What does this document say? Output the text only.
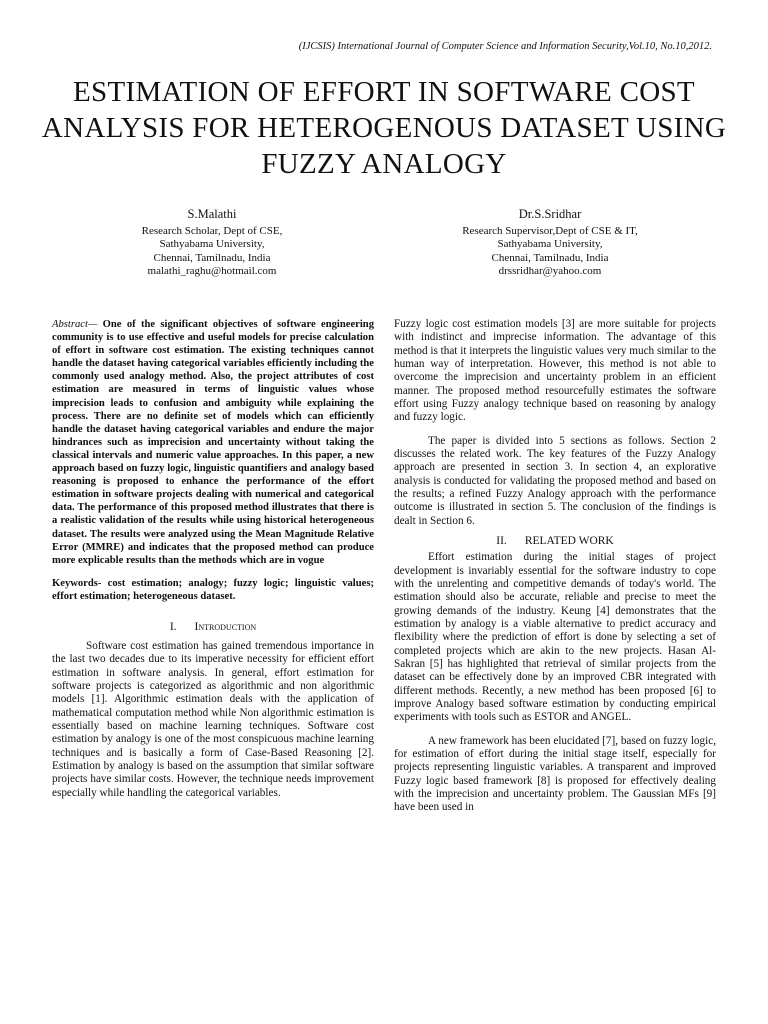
(IJCSIS) International Journal of Computer Science and Information Security,Vol.10, No.10,2012.
ESTIMATION OF EFFORT IN SOFTWARE COST ANALYSIS FOR HETEROGENOUS DATASET USING FUZZY ANALOGY
S.Malathi
Research Scholar, Dept of CSE,
Sathyabama University,
Chennai, Tamilnadu, India
malathi_raghu@hotmail.com
Dr.S.Sridhar
Research Supervisor,Dept of CSE & IT,
Sathyabama University,
Chennai, Tamilnadu, India
drssridhar@yahoo.com

Abstract— One of the significant objectives of software engineering community is to use effective and useful models for precise calculation of effort in software cost estimation. The existing techniques cannot handle the dataset having categorical variables efficiently including the commonly used analogy method. Also, the project attributes of cost estimation are measured in terms of linguistic values whose imprecision leads to confusion and ambiguity while explaining the process. There are no definite set of models which can efficiently handle the dataset having categorical variables and endure the major hindrances such as imprecision and uncertainty without taking the classical intervals and numeric value approaches. In this paper, a new approach based on fuzzy logic, linguistic quantifiers and analogy based reasoning is proposed to enhance the performance of the effort estimation in software projects dealing with numerical and categorical data. The performance of this proposed method illustrates that there is a realistic validation of the results while using historical heterogeneous dataset. The results were analyzed using the Mean Magnitude Relative Error (MMRE) and indicates that the proposed method can produce more explicable results than the methods which are in vogue

Keywords- cost estimation; analogy; fuzzy logic; linguistic values; effort estimation; heterogeneous dataset.

I. Introduction

Software cost estimation has gained tremendous importance in the last two decades due to its imperative necessity for efficient effort estimation in software analysis. In general, effort estimation for software projects is categorized as algorithmic and non algorithmic models [1]. Algorithmic estimation deals with the application of mathematical computation method while Non algorithmic estimation is essentially based on machine learning techniques. Software cost estimation by analogy is one of the most conspicuous machine learning techniques and is basically a form of Case-Based Reasoning [2]. Estimation by analogy is based on the assumption that similar software projects have similar costs. However, the technique needs improvement especially while handling the categorical variables.

Fuzzy logic cost estimation models [3] are more suitable for projects with indistinct and imprecise information. The advantage of this method is that it interprets the linguistic values very much similar to the human way of interpretation. However, this method is not able to overcome the imprecision and uncertainty problem in an efficient manner. The proposed method resourcefully estimates the software effort using Fuzzy analogy technique based on reasoning by analogy and fuzzy logic.

The paper is divided into 5 sections as follows. Section 2 discusses the related work. The key features of the Fuzzy Analogy approach are presented in section 3. In section 4, an explorative analysis is conducted for validating the proposed method and based on the results; a refined Fuzzy Analogy approach with the performance outcome is illustrated in section 5. The conclusion of the findings is dealt in Section 6.

II. RELATED WORK

Effort estimation during the initial stages of project development is invariably essential for the software industry to cope with the unrelenting and competitive demands of today's world. The estimation should also be accurate, reliable and precise to meet the growing demands of the industry. Keung [4] demonstrates that the estimation by analogy is a viable alternative to predict accuracy and flexibility where the prediction of effort is done by selecting a set of completed projects which are akin to the new projects. Hasan Al-Sakran [5] has highlighted that retrieval of similar projects from the dataset can be effectively done by an improved CBR integrated with different methods. Recently, a new method has been proposed [6] to improve Analogy based software estimation by conducting empirical experiments with tools such as ESTOR and ANGEL.

A new framework has been elucidated [7], based on fuzzy logic, for estimation of effort during the initial stage itself, especially for projects representing linguistic variables. A transparent and improved Fuzzy logic based framework [8] is proposed for effectively dealing with the imprecision and uncertainty problem. The Gaussian MFs [9] have been used in
